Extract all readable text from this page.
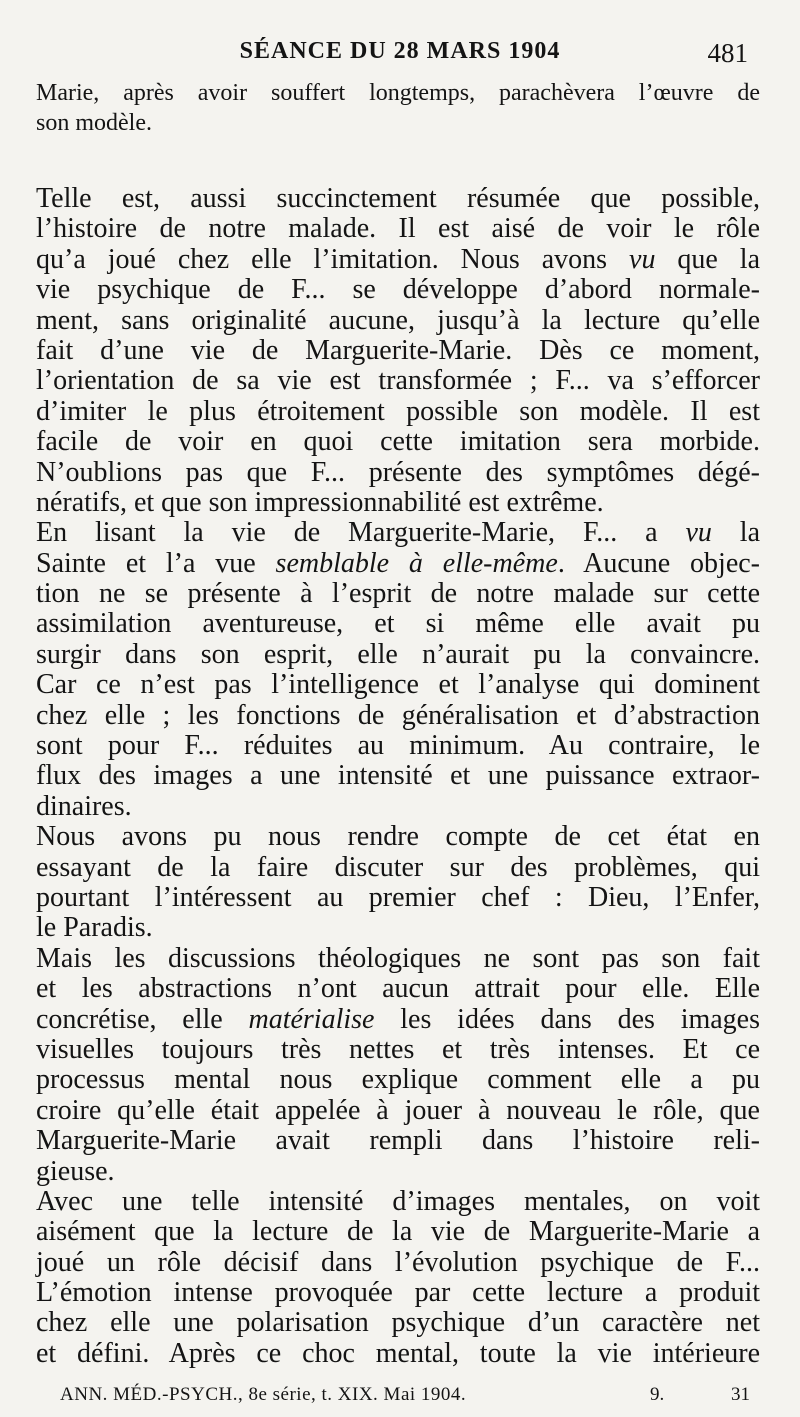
SÉANCE DU 28 MARS 1904	481
Marie, après avoir souffert longtemps, parachèvera l’œuvre de
son modèle.
Telle est, aussi succinctement résumée que possible,
l’histoire de notre malade. Il est aisé de voir le rôle
qu’a joué chez elle l’imitation. Nous avons vu que la
vie psychique de F... se développe d’abord normale-
ment, sans originalité aucune, jusqu’à la lecture qu’elle
fait d’une vie de Marguerite-Marie. Dès ce moment,
l’orientation de sa vie est transformée ; F... va s’efforcer
d’imiter le plus étroitement possible son modèle. Il est
facile de voir en quoi cette imitation sera morbide.
N’oublions pas que F... présente des symptômes dégé-
nératifs, et que son impressionnabilité est extrême.
En lisant la vie de Marguerite-Marie, F... a vu la
Sainte et l’a vue semblable à elle-même. Aucune objec-
tion ne se présente à l’esprit de notre malade sur cette
assimilation aventureuse, et si même elle avait pu
surgir dans son esprit, elle n’aurait pu la convaincre.
Car ce n’est pas l’intelligence et l’analyse qui dominent
chez elle ; les fonctions de généralisation et d’abstraction
sont pour F... réduites au minimum. Au contraire, le
flux des images a une intensité et une puissance extraor-
dinaires.
Nous avons pu nous rendre compte de cet état en
essayant de la faire discuter sur des problèmes, qui
pourtant l’intéressent au premier chef : Dieu, l’Enfer,
le Paradis.
Mais les discussions théologiques ne sont pas son fait
et les abstractions n’ont aucun attrait pour elle. Elle
concrétise, elle matérialise les idées dans des images
visuelles toujours très nettes et très intenses. Et ce
processus mental nous explique comment elle a pu
croire qu’elle était appelée à jouer à nouveau le rôle, que
Marguerite-Marie avait rempli dans l’histoire reli-
gieuse.
Avec une telle intensité d’images mentales, on voit
aisément que la lecture de la vie de Marguerite-Marie a
joué un rôle décisif dans l’évolution psychique de F...
L’émotion intense provoquée par cette lecture a produit
chez elle une polarisation psychique d’un caractère net
et défini. Après ce choc mental, toute la vie intérieure
ANN. MÉD.-PSYCH., 8e série, t. XIX. Mai 1904.	9.	31
